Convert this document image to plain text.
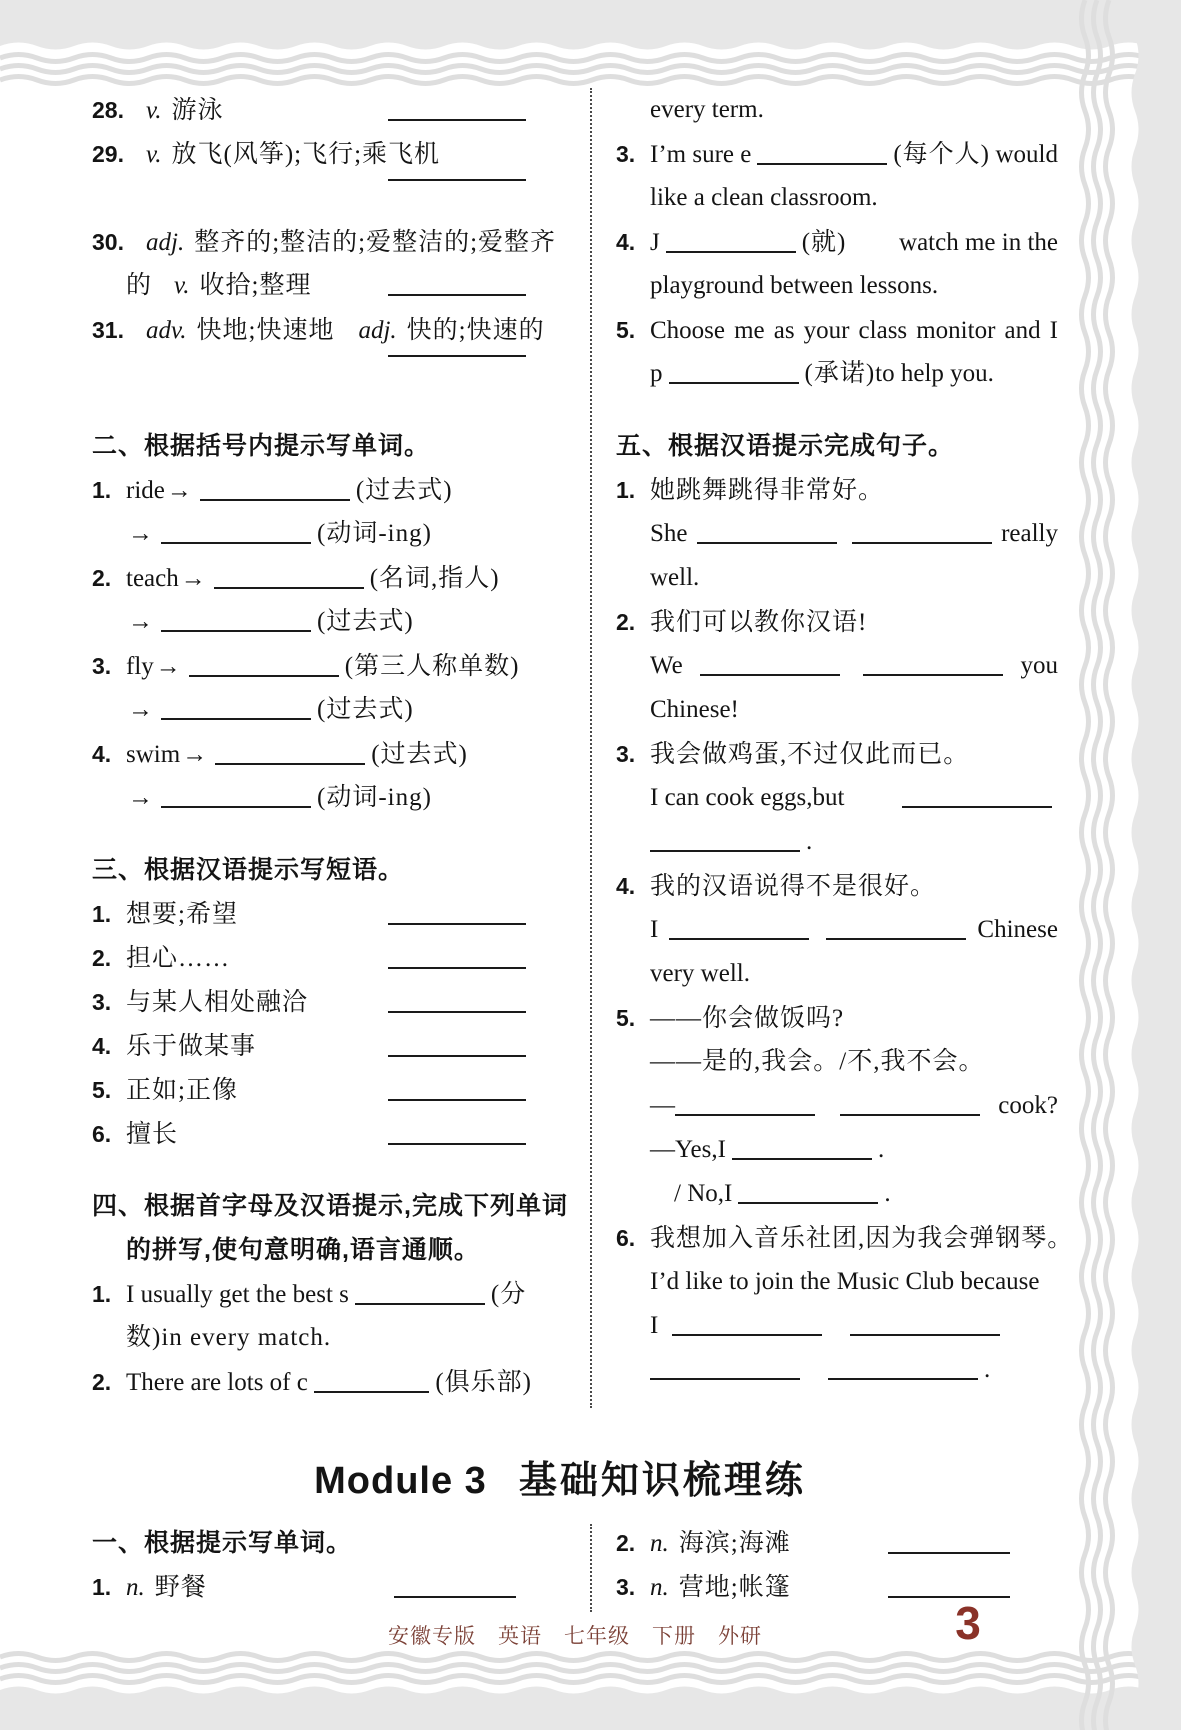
28. v. 游泳
29. v. 放飞(风筝);飞行;乘飞机
30. adj. 整齐的;整洁的;爱整洁的;爱整齐
的 v. 收拾;整理
31. adv. 快地;快速地 adj. 快的;快速的
二、根据括号内提示写单词。
1. ride →	(过去式)
→	(动词-ing)
2. teach →	(名词,指人)
→	(过去式)
3. fly →	(第三人称单数)
→	(过去式)
4. swim →	(过去式)
→	(动词-ing)
三、根据汉语提示写短语。
1. 想要;希望
2. 担心……
3. 与某人相处融洽
4. 乐于做某事
5. 正如;正像
6. 擅长
四、根据首字母及汉语提示,完成下列单词
的拼写,使句意明确,语言通顺。
1. I usually get the best s	(分
数)in every match.
2. There are lots of c	(俱乐部)
every term.
3. I’m sure e	(每个人) would
like a clean classroom.
4. J	(就) watch me in the
playground between lessons.
5. Choose me as your class monitor and I
p	(承诺) to help you.
五、根据汉语提示完成句子。
1. 她跳舞跳得非常好。
She	really
well.
2. 我们可以教你汉语!
We	you
Chinese!
3. 我会做鸡蛋,不过仅此而已。
I can cook eggs,but
.
4. 我的汉语说得不是很好。
I	Chinese
very well.
5. ——你会做饭吗?
——是的,我会。/不,我不会。
—	cook?
—Yes,I	.
/ No,I	.
6. 我想加入音乐社团,因为我会弹钢琴。
I’d like to join the Music Club because
I
.
Module 3 基础知识梳理练
一、根据提示写单词。
1. n. 野餐
2. n. 海滨;海滩
3. n. 营地;帐篷
安徽专版　英语　七年级　下册　外研	3
